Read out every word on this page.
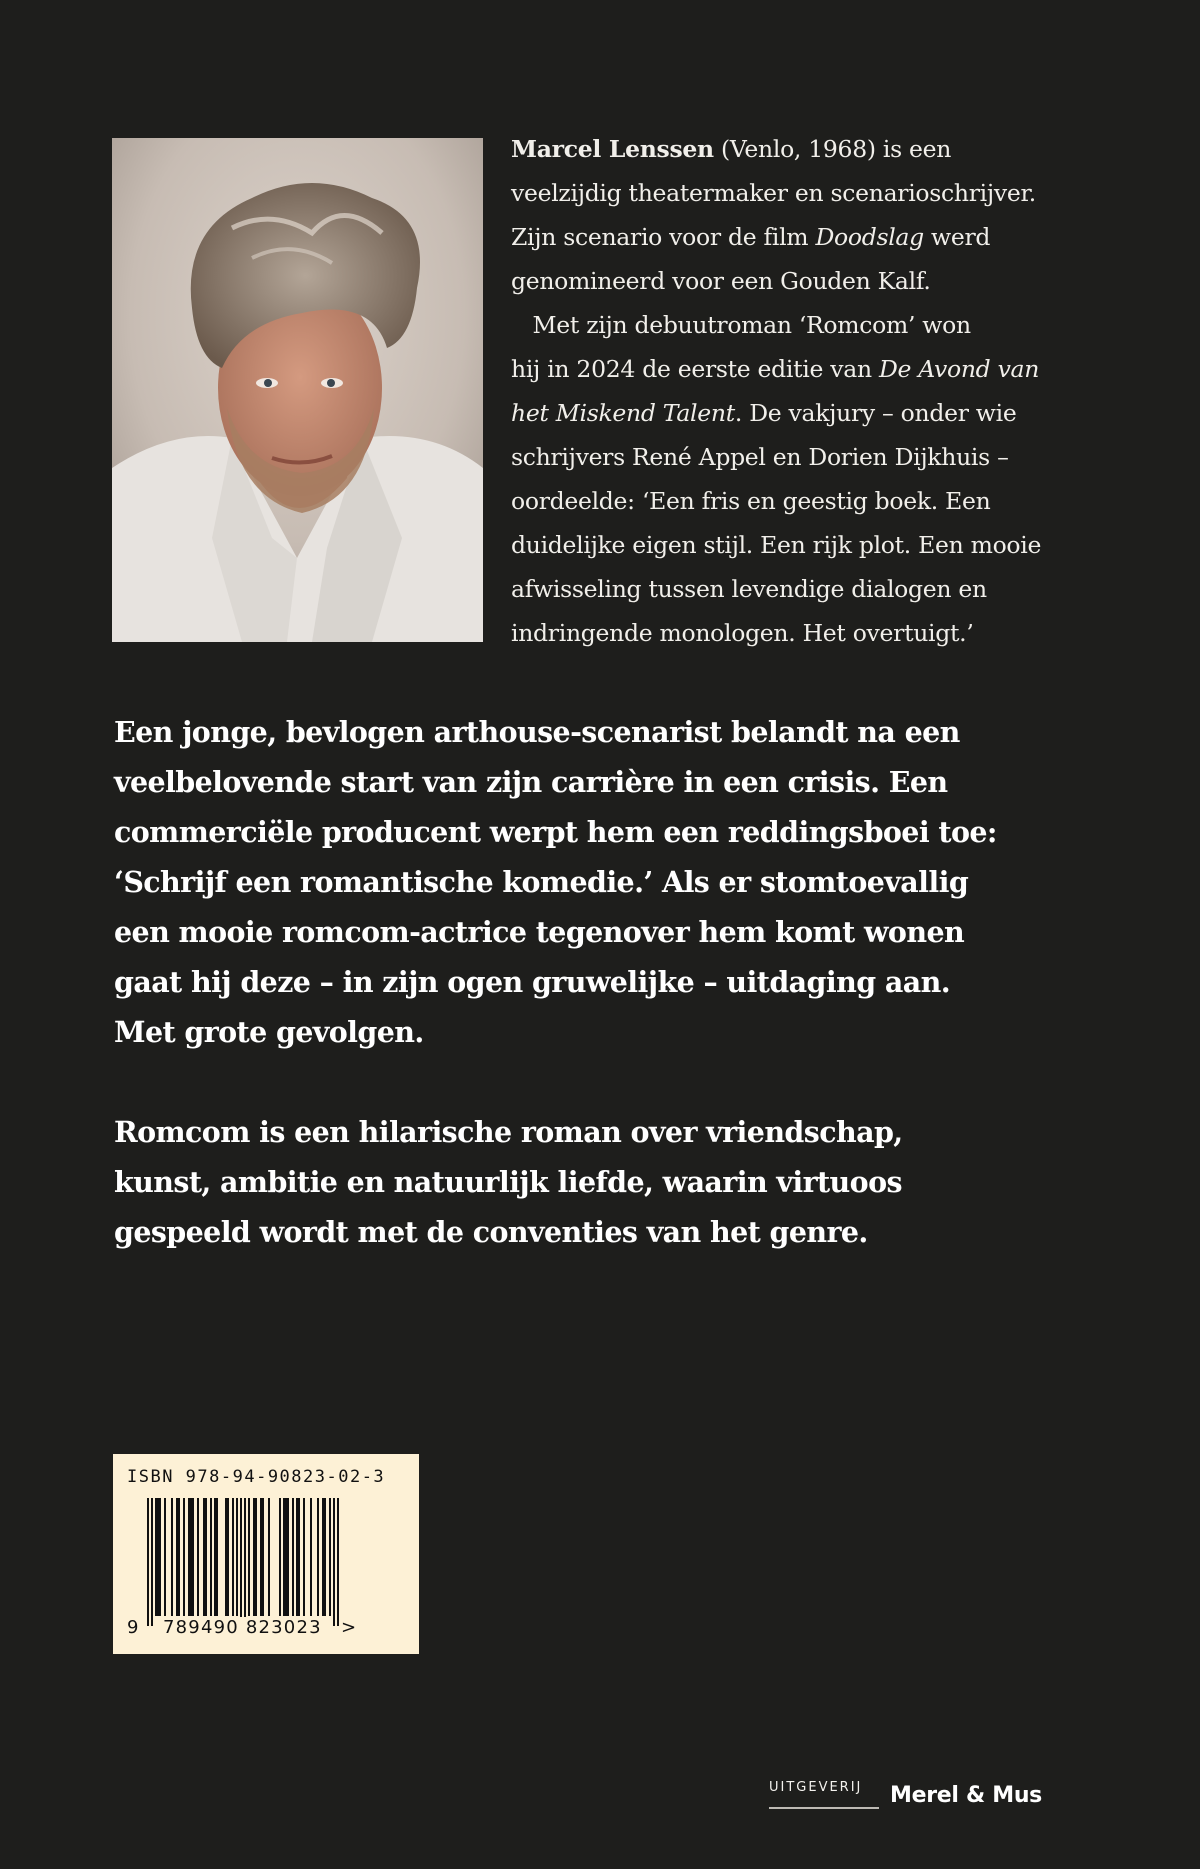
Marcel Lenssen (Venlo, 1968) is een
veelzijdig theatermaker en scenarioschrijver.
Zijn scenario voor de film Doodslag werd
genomineerd voor een Gouden Kalf.
Met zijn debuutroman ‘Romcom’ won
hij in 2024 de eerste editie van De Avond van
het Miskend Talent. De vakjury – onder wie
schrijvers René Appel en Dorien Dijkhuis –
oordeelde: ‘Een fris en geestig boek. Een
duidelijke eigen stijl. Een rijk plot. Een mooie
afwisseling tussen levendige dialogen en
indringende monologen. Het overtuigt.’
Een jonge, bevlogen arthouse-scenarist belandt na een
veelbelovende start van zijn carrière in een crisis. Een
commerciële producent werpt hem een reddingsboei toe:
‘Schrijf een romantische komedie.’ Als er stomtoevallig
een mooie romcom-actrice tegenover hem komt wonen
gaat hij deze – in zijn ogen gruwelijke – uitdaging aan.
Met grote gevolgen.
Romcom is een hilarische roman over vriendschap,
kunst, ambitie en natuurlijk liefde, waarin virtuoos
gespeeld wordt met de conventies van het genre.
ISBN 978-94-90823-02-3
9 789490 823023 >
UITGEVERIJ Merel & Mus
